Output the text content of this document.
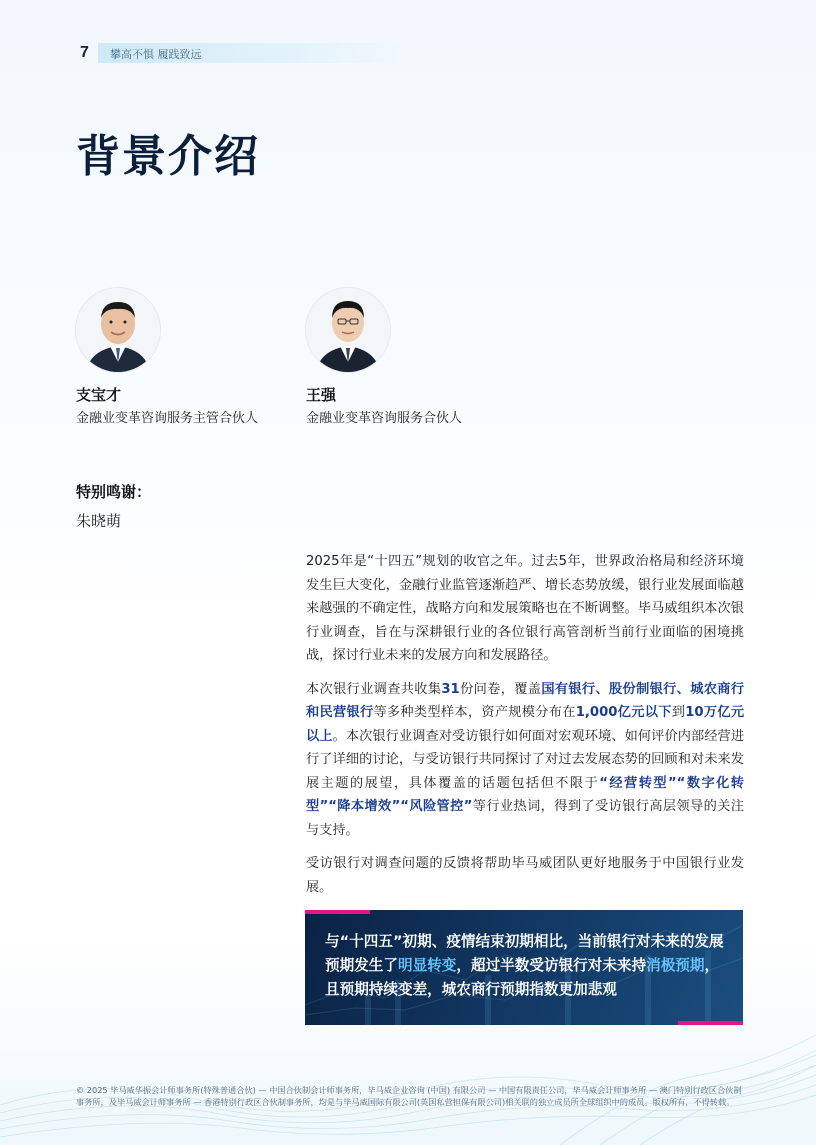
7 攀高不惧 履践致远
背景介绍
支宝才
金融业变革咨询服务主管合伙人
王强
金融业变革咨询服务合伙人
特别鸣谢：
朱晓萌

2025年是“十四五”规划的收官之年。过去5年，世界政治格局和经济环境发生巨大变化，金融行业监管逐渐趋严、增长态势放缓，银行业发展面临越来越强的不确定性，战略方向和发展策略也在不断调整。毕马威组织本次银行业调查，旨在与深耕银行业的各位银行高管剖析当前行业面临的困境挑战，探讨行业未来的发展方向和发展路径。

本次银行业调查共收集31份问卷，覆盖国有银行、股份制银行、城农商行和民营银行等多种类型样本，资产规模分布在1,000亿元以下到10万亿元以上。本次银行业调查对受访银行如何面对宏观环境、如何评价内部经营进行了详细的讨论，与受访银行共同探讨了对过去发展态势的回顾和对未来发展主题的展望，具体覆盖的话题包括但不限于“经营转型”“数字化转型”“降本增效”“风险管控”等行业热词，得到了受访银行高层领导的关注与支持。

受访银行对调查问题的反馈将帮助毕马威团队更好地服务于中国银行业发展。

与“十四五”初期、疫情结束初期相比，当前银行对未来的发展预期发生了明显转变，超过半数受访银行对未来持消极预期，且预期持续变差，城农商行预期指数更加悲观
© 2025 毕马威华振会计师事务所(特殊普通合伙) — 中国合伙制会计师事务所，毕马威企业咨询 (中国) 有限公司 — 中国有限责任公司，毕马威会计师事务所 — 澳门特别行政区合伙制事务所，及毕马威会计师事务所 — 香港特别行政区合伙制事务所，均是与毕马威国际有限公司(英国私营担保有限公司)相关联的独立成员所全球组织中的成员。版权所有，不得转载。
